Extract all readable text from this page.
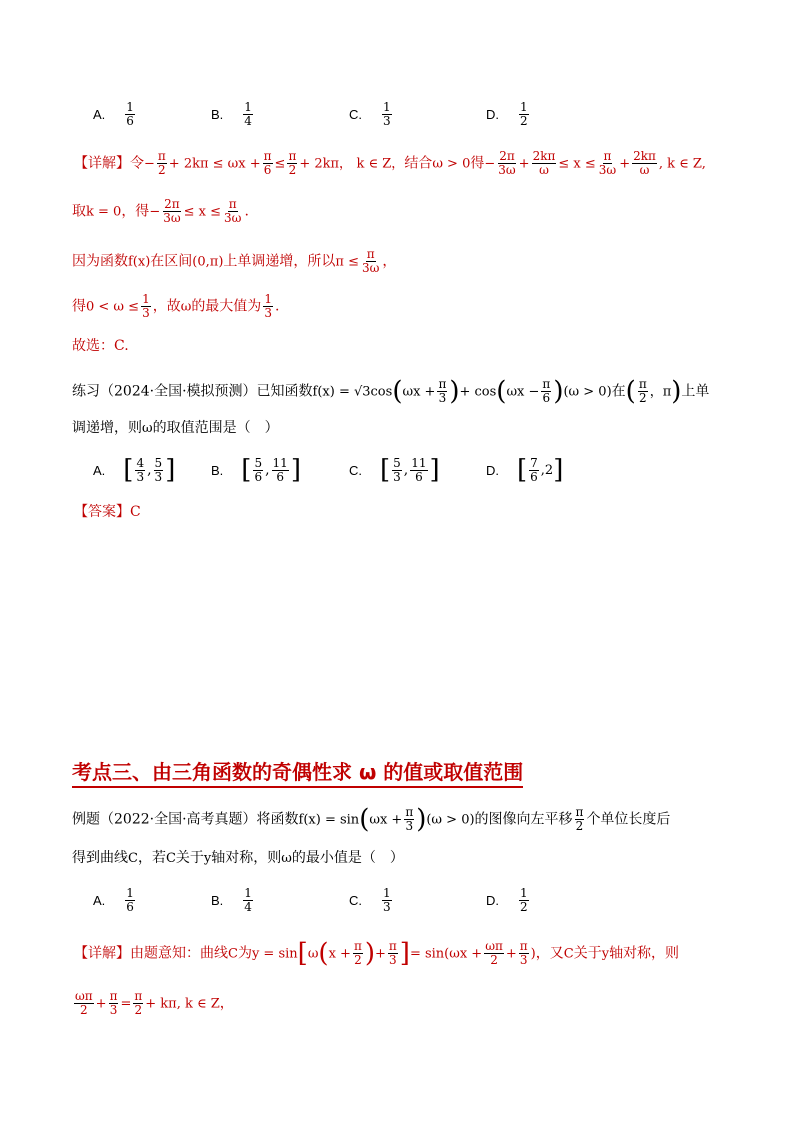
A. $\frac{1}{6}$	B. $\frac{1}{4}$	C. $\frac{1}{3}$	D. $\frac{1}{2}$
【详解】令− $\frac{\pi}{2} + 2k\pi \le \omega x + \frac{\pi}{6} \le \frac{\pi}{2} + 2k\pi$， k ∈ Z，结合ω > 0得− $\frac{2\pi}{3\omega} + \frac{2k\pi}{\omega} \le x \le \frac{\pi}{3\omega} + \frac{2k\pi}{\omega}$ , k ∈ Z,
取k = 0，得− $\frac{2\pi}{3\omega} \le x \le \frac{\pi}{3\omega}$ .
因为函数f(x)在区间(0,π)上单调递增，所以$\pi \le \frac{\pi}{3\omega}$ ，
得$0 < \omega \le \frac{1}{3}$ ，故ω的最大值为 $\frac{1}{3}$ .
故选：C.
练习（2024·全国·模拟预测）已知函数$f(x) = √3\cos(\omega x + \frac{\pi}{3}$ )+ $\cos(\omega x - \frac{\pi}{6} )(\omega > 0)$在( $\frac{\pi}{2}$ ，π)上单
调递增，则ω的取值范围是（　）
A. [ $\frac{4}{3}$ , $\frac{5}{3}$ ]	B. [ $\frac{5}{6}$ , $\frac{11}{6}$ ]	C. [ $\frac{5}{3}$ , $\frac{11}{6}$ ]	D. [ $\frac{7}{6} ,2$ ]
【答案】C
考点三、由三角函数的奇偶性求 ω 的值或取值范围
例题（2022·全国·高考真题）将函数$f(x) = \sin(\omega x + \frac{\pi}{3} )(\omega > 0)$的图像向左平移 $\frac{\pi}{2}$ 个单位长度后
得到曲线C，若C关于y轴对称，则ω的最小值是（　）
A. $\frac{1}{6}$	B. $\frac{1}{4}$	C. $\frac{1}{3}$	D. $\frac{1}{2}$
【详解】由题意知：曲线C为$y = \sin[\omega(x + \frac{\pi}{2}$ )+ $\frac{\pi}{3}$ ]= $\sin(\omega x + \frac{\omega\pi}{2} + \frac{\pi}{3}$ )，又C关于y轴对称，则
$\frac{\omega\pi}{2} + \frac{\pi}{3} = \frac{\pi}{2} + k\pi$, k ∈ Z，
